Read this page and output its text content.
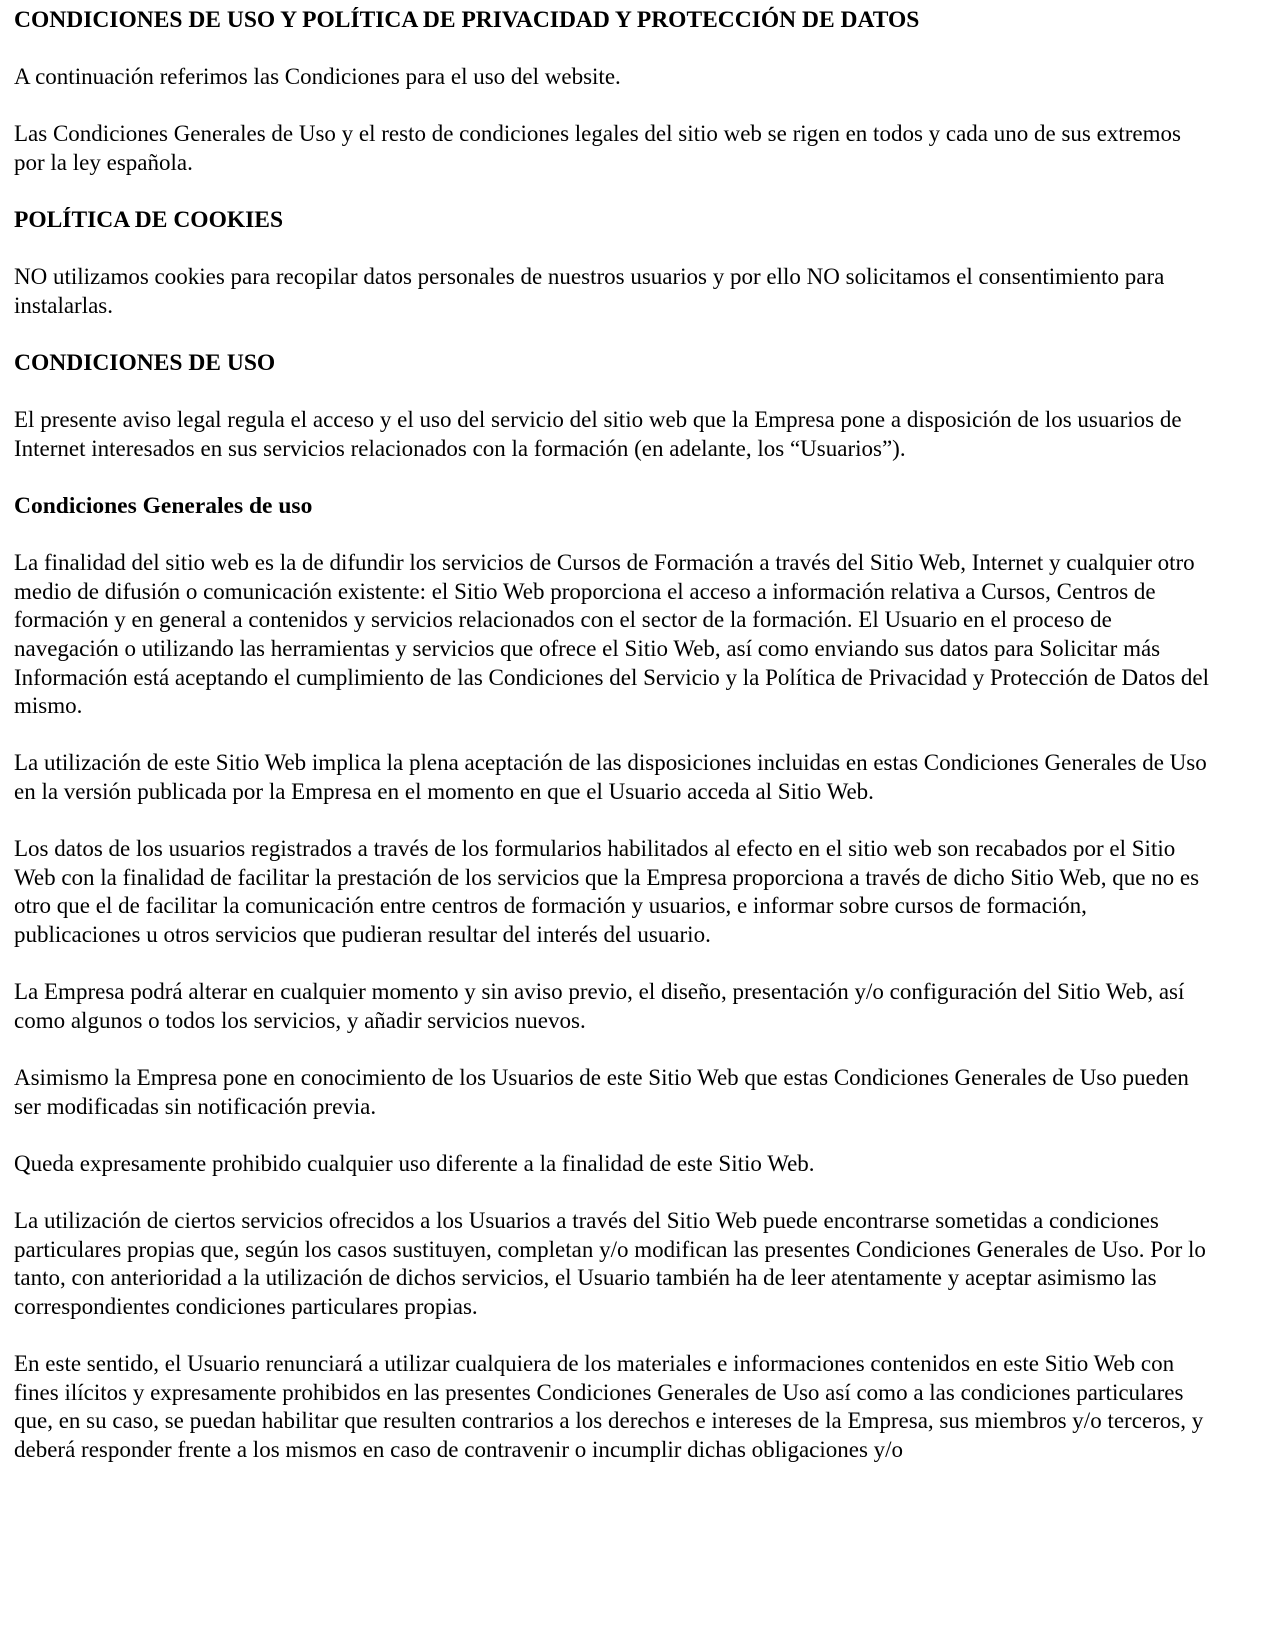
CONDICIONES DE USO Y POLÍTICA DE PRIVACIDAD Y PROTECCIÓN DE DATOS

A continuación referimos las Condiciones para el uso del website.

Las Condiciones Generales de Uso y el resto de condiciones legales del sitio web se rigen en todos y cada uno de sus extremos por la ley española.

POLÍTICA DE COOKIES

NO utilizamos cookies para recopilar datos personales de nuestros usuarios y por ello NO solicitamos el consentimiento para instalarlas.

CONDICIONES DE USO

El presente aviso legal regula el acceso y el uso del servicio del sitio web que la Empresa pone a disposición de los usuarios de Internet interesados en sus servicios relacionados con la formación (en adelante, los “Usuarios”).

Condiciones Generales de uso

La finalidad del sitio web es la de difundir los servicios de Cursos de Formación a través del Sitio Web, Internet y cualquier otro medio de difusión o comunicación existente: el Sitio Web proporciona el acceso a información relativa a Cursos, Centros de formación y en general a contenidos y servicios relacionados con el sector de la formación. El Usuario en el proceso de navegación o utilizando las herramientas y servicios que ofrece el Sitio Web, así como enviando sus datos para Solicitar más Información está aceptando el cumplimiento de las Condiciones del Servicio y la Política de Privacidad y Protección de Datos del mismo.

La utilización de este Sitio Web implica la plena aceptación de las disposiciones incluidas en estas Condiciones Generales de Uso en la versión publicada por la Empresa en el momento en que el Usuario acceda al Sitio Web.

Los datos de los usuarios registrados a través de los formularios habilitados al efecto en el sitio web son recabados por el Sitio Web con la finalidad de facilitar la prestación de los servicios que la Empresa proporciona a través de dicho Sitio Web, que no es otro que el de facilitar la comunicación entre centros de formación y usuarios, e informar sobre cursos de formación, publicaciones u otros servicios que pudieran resultar del interés del usuario.

La Empresa podrá alterar en cualquier momento y sin aviso previo, el diseño, presentación y/o configuración del Sitio Web, así como algunos o todos los servicios, y añadir servicios nuevos.

Asimismo la Empresa pone en conocimiento de los Usuarios de este Sitio Web que estas Condiciones Generales de Uso pueden ser modificadas sin notificación previa.

Queda expresamente prohibido cualquier uso diferente a la finalidad de este Sitio Web.

La utilización de ciertos servicios ofrecidos a los Usuarios a través del Sitio Web puede encontrarse sometidas a condiciones particulares propias que, según los casos sustituyen, completan y/o modifican las presentes Condiciones Generales de Uso. Por lo tanto, con anterioridad a la utilización de dichos servicios, el Usuario también ha de leer atentamente y aceptar asimismo las correspondientes condiciones particulares propias.

En este sentido, el Usuario renunciará a utilizar cualquiera de los materiales e informaciones contenidos en este Sitio Web con fines ilícitos y expresamente prohibidos en las presentes Condiciones Generales de Uso así como a las condiciones particulares que, en su caso, se puedan habilitar que resulten contrarios a los derechos e intereses de la Empresa, sus miembros y/o terceros, y deberá responder frente a los mismos en caso de contravenir o incumplir dichas obligaciones y/o
